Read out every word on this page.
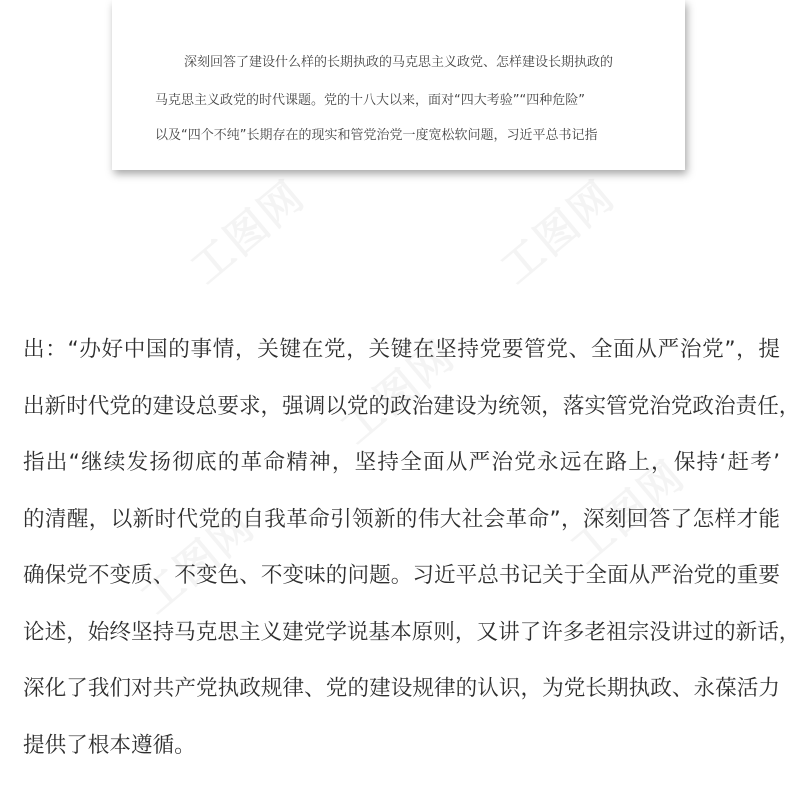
深刻回答了建设什么样的长期执政的马克思主义政党、怎样建设长期执政的
马克思主义政党的时代课题。党的十八大以来，面对“四大考验”“四种危险”
以及“四个不纯”长期存在的现实和管党治党一度宽松软问题，习近平总书记指
出：“办好中国的事情，关键在党，关键在坚持党要管党、全面从严治党”，提
出新时代党的建设总要求，强调以党的政治建设为统领，落实管党治党政治责任，
指出“继续发扬彻底的革命精神，坚持全面从严治党永远在路上，保持‘赶考’
的清醒，以新时代党的自我革命引领新的伟大社会革命”，深刻回答了怎样才能
确保党不变质、不变色、不变味的问题。习近平总书记关于全面从严治党的重要
论述，始终坚持马克思主义建党学说基本原则，又讲了许多老祖宗没讲过的新话，
深化了我们对共产党执政规律、党的建设规律的认识，为党长期执政、永葆活力
提供了根本遵循。
